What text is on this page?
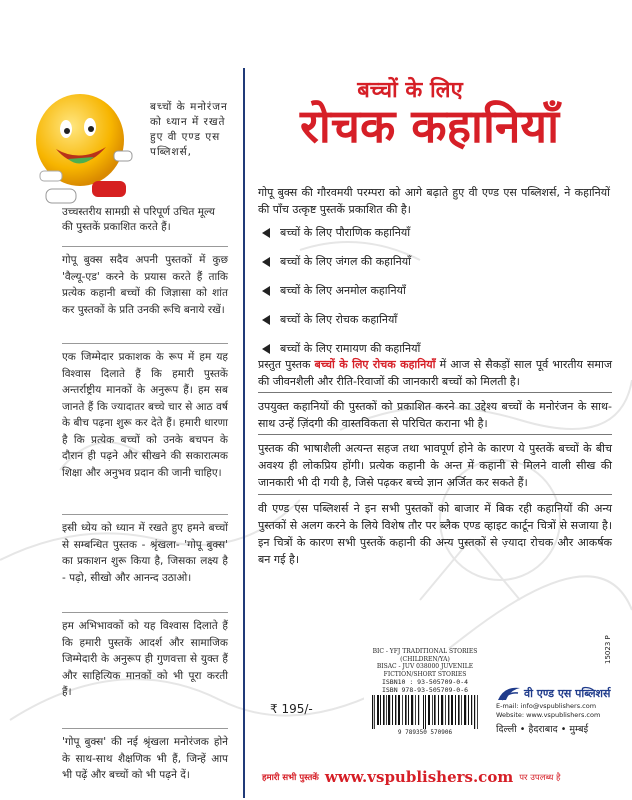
बच्चों के मनोरंजन को ध्यान में रखते हुए वी एण्ड एस पब्लिशर्स,
उच्चस्तरीय सामग्री से परिपूर्ण उचित मूल्य की पुस्तकें प्रकाशित करते हैं।
गोपू बुक्स सदैव अपनी पुस्तकों में कुछ 'वैल्यू-एड' करने के प्रयास करते हैं ताकि प्रत्येक कहानी बच्चों की जिज्ञासा को शांत कर पुस्तकों के प्रति उनकी रूचि बनाये रखें।
एक जिम्मेदार प्रकाशक के रूप में हम यह विश्वास दिलाते हैं कि हमारी पुस्तकें अन्तर्राष्ट्रीय मानकों के अनुरूप हैं। हम सब जानते हैं कि ज्यादातर बच्चे चार से आठ वर्ष के बीच पढ़ना शुरू कर देते हैं। हमारी धारणा है कि प्रत्येक बच्चों को उनके बचपन के दौरान ही पढ़ने और सीखने की सकारात्मक शिक्षा और अनुभव प्रदान की जानी चाहिए।
इसी ध्येय को ध्यान में रखते हुए हमने बच्चों से सम्बन्धित पुस्तक - श्रृंखला- 'गोपू बुक्स' का प्रकाशन शुरू किया है, जिसका लक्ष्य है - पढ़ो, सीखो और आनन्द उठाओ।
हम अभिभावकों को यह विश्वास दिलाते हैं कि हमारी पुस्तकें आदर्श और सामाजिक जिम्मेदारी के अनुरूप ही गुणवत्ता से युक्त हैं और साहित्यिक मानकों को भी पूरा करती हैं।
'गोपू बुक्स' की नई श्रृंखला मनोरंजक होने के साथ-साथ शैक्षणिक भी हैं, जिन्हें आप भी पढ़ें और बच्चों को भी पढ़ने दें।
बच्चों के लिए
रोचक कहानियाँ
गोपू बुक्स की गौरवमयी परम्परा को आगे बढ़ाते हुए वी एण्ड एस पब्लिशर्स, ने कहानियों की पाँच उत्कृष्ट पुस्तकें प्रकाशित की है।
बच्चों के लिए पौराणिक कहानियाँ
बच्चों के लिए जंगल की कहानियाँ
बच्चों के लिए अनमोल कहानियाँ
बच्चों के लिए रोचक कहानियाँ
बच्चों के लिए रामायण की कहानियाँ
प्रस्तुत पुस्तक बच्चों के लिए रोचक कहानियाँ में आज से सैकड़ों साल पूर्व भारतीय समाज की जीवनशैली और रीति-रिवाजों की जानकारी बच्चों को मिलती है।
उपयुक्त कहानियों की पुस्तकों को प्रकाशित करने का उद्देश्य बच्चों के मनोरंजन के साथ-साथ उन्हें ज़िंदगी की वास्तविकता से परिचित कराना भी है।
पुस्तक की भाषाशैली अत्यन्त सहज तथा भावपूर्ण होने के कारण ये पुस्तकें बच्चों के बीच अवश्य ही लोकप्रिय होंगी। प्रत्येक कहानी के अन्त में कहानी से मिलने वाली सीख की जानकारी भी दी गयी है, जिसे पढ़कर बच्चे ज्ञान अर्जित कर सकते हैं।
वी एण्ड एस पब्लिशर्स ने इन सभी पुस्तकों को बाजार में बिक रही कहानियों की अन्य पुस्तकों से अलग करने के लिये विशेष तौर पर ब्लैक एण्ड व्हाइट कार्टून चित्रों से सजाया है। इन चित्रों के कारण सभी पुस्तकें कहानी की अन्य पुस्तकों से ज़्यादा रोचक और आकर्षक बन गई है।
BIC - YFJ TRADITIONAL STORIES (CHILDREN/YA)
BISAC - JUV 038000 JUVENILE FICTION/SHORT STORIES
ISBN10 : 93-505709-0-4
ISBN 978-93-505709-0-6
9 789350 570906
₹ 195/-
15023 P
वी एण्ड एस पब्लिशर्स
E-mail: info@vspublishers.com
Website: www.vspublishers.com
दिल्ली • हैदराबाद • मुम्बई
हमारी सभी पुस्तकें www.vspublishers.com पर उपलब्ध है
